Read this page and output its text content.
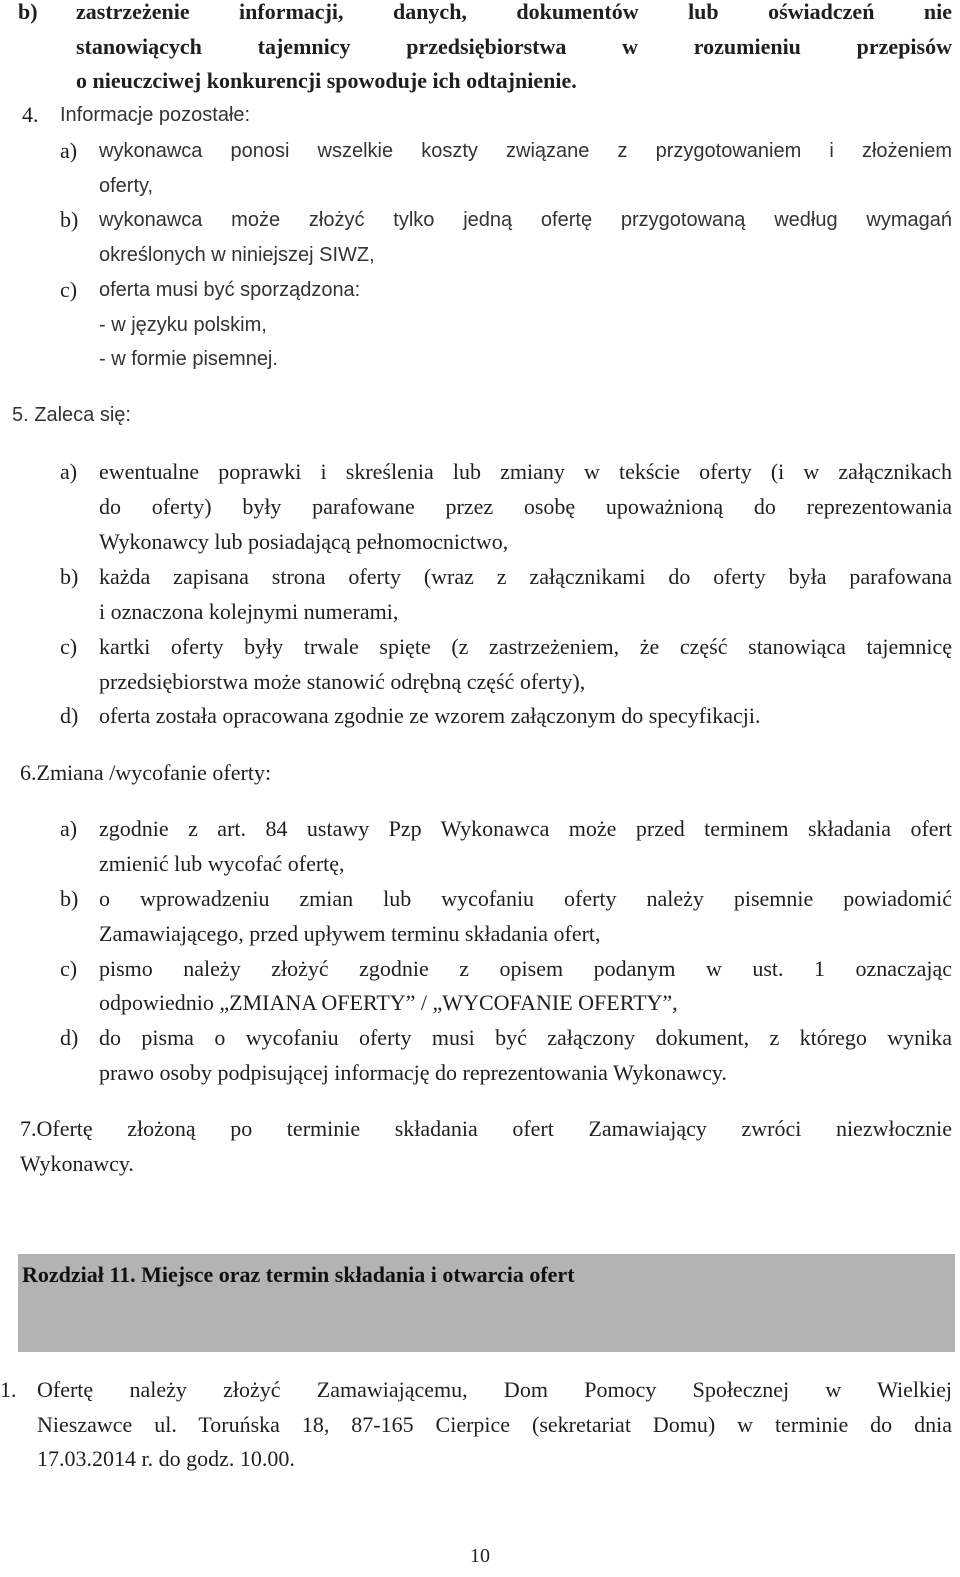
b) zastrzeżenie informacji, danych, dokumentów lub oświadczeń nie
stanowiących tajemnicy przedsiębiorstwa w rozumieniu przepisów
o nieuczciwej konkurencji spowoduje ich odtajnienie.
4. Informacje pozostałe:
a) wykonawca ponosi wszelkie koszty związane z przygotowaniem i złożeniem
oferty,
b) wykonawca może złożyć tylko jedną ofertę przygotowaną według wymagań
określonych w niniejszej SIWZ,
c) oferta musi być sporządzona:
- w języku polskim,
- w formie pisemnej.
5. Zaleca się:
a) ewentualne poprawki i skreślenia lub zmiany w tekście oferty (i w załącznikach
do oferty) były parafowane przez osobę upoważnioną do reprezentowania
Wykonawcy lub posiadającą pełnomocnictwo,
b) każda zapisana strona oferty (wraz z załącznikami do oferty była parafowana
i oznaczona kolejnymi numerami,
c) kartki oferty były trwale spięte (z zastrzeżeniem, że część stanowiąca tajemnicę
przedsiębiorstwa może stanowić odrębną część oferty),
d) oferta została opracowana zgodnie ze wzorem załączonym do specyfikacji.
6.Zmiana /wycofanie oferty:
a) zgodnie z art. 84 ustawy Pzp Wykonawca może przed terminem składania ofert
zmienić lub wycofać ofertę,
b) o wprowadzeniu zmian lub wycofaniu oferty należy pisemnie powiadomić
Zamawiającego, przed upływem terminu składania ofert,
c) pismo należy złożyć zgodnie z opisem podanym w ust. 1 oznaczając
odpowiednio „ZMIANA OFERTY” / „WYCOFANIE OFERTY”,
d) do pisma o wycofaniu oferty musi być załączony dokument, z którego wynika
prawo osoby podpisującej informację do reprezentowania Wykonawcy.
7.Ofertę złożoną po terminie składania ofert Zamawiający zwróci niezwłocznie
Wykonawcy.
Rozdział 11. Miejsce oraz termin składania i otwarcia ofert
1. Ofertę należy złożyć Zamawiającemu, Dom Pomocy Społecznej w Wielkiej
Nieszawce ul. Toruńska 18, 87-165 Cierpice (sekretariat Domu) w terminie do dnia
17.03.2014 r. do godz. 10.00.
10
